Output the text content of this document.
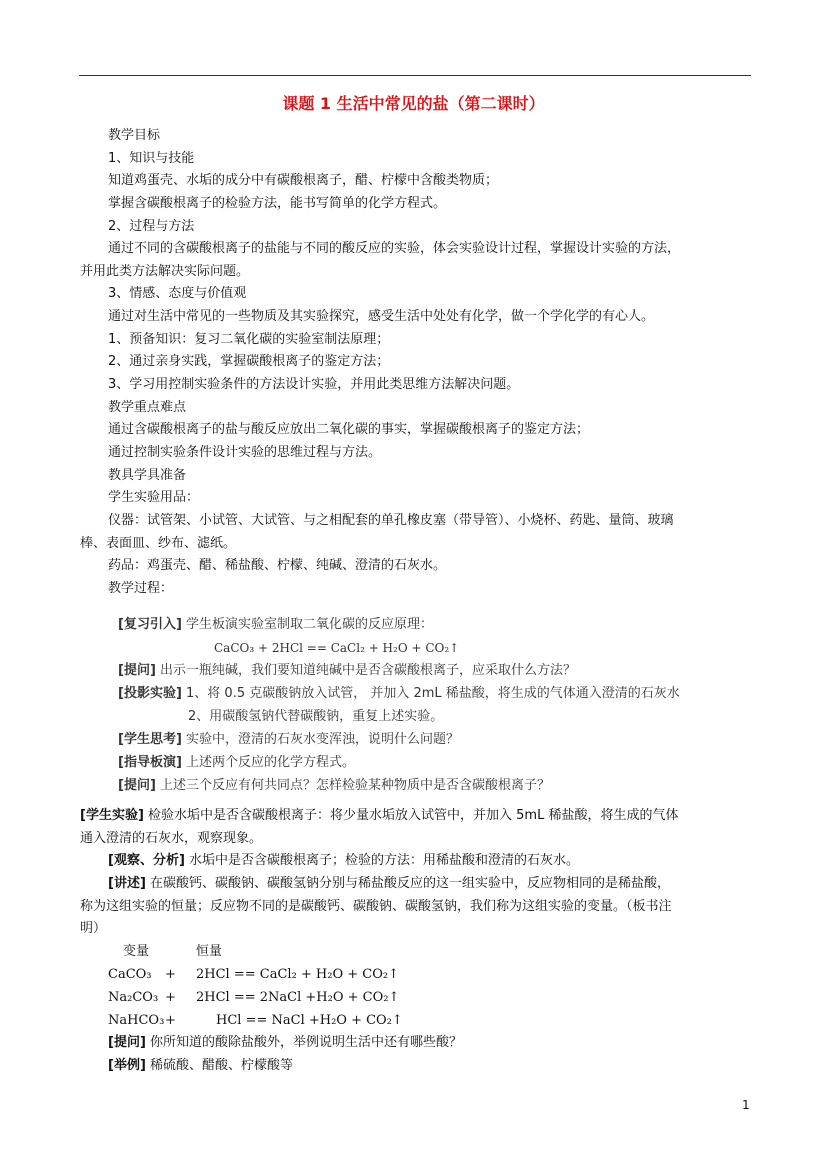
课题 1 生活中常见的盐（第二课时）
教学目标
1、知识与技能
知道鸡蛋壳、水垢的成分中有碳酸根离子，醋、柠檬中含酸类物质；
掌握含碳酸根离子的检验方法，能书写简单的化学方程式。
2、过程与方法
通过不同的含碳酸根离子的盐能与不同的酸反应的实验，体会实验设计过程，掌握设计实验的方法，
并用此类方法解决实际问题。
3、情感、态度与价值观
通过对生活中常见的一些物质及其实验探究，感受生活中处处有化学，做一个学化学的有心人。
1、预备知识：复习二氧化碳的实验室制法原理；
2、通过亲身实践，掌握碳酸根离子的鉴定方法；
3、学习用控制实验条件的方法设计实验，并用此类思维方法解决问题。
教学重点难点
通过含碳酸根离子的盐与酸反应放出二氧化碳的事实，掌握碳酸根离子的鉴定方法；
通过控制实验条件设计实验的思维过程与方法。
教具学具准备
学生实验用品：
仪器：试管架、小试管、大试管、与之相配套的单孔橡皮塞（带导管）、小烧杯、药匙、量筒、玻璃
棒、表面皿、纱布、滤纸。
药品：鸡蛋壳、醋、稀盐酸、柠檬、纯碱、澄清的石灰水。
教学过程：
[复习引入] 学生板演实验室制取二氧化碳的反应原理：
CaCO₃ + 2HCl == CaCl₂ + H₂O + CO₂↑
[提问] 出示一瓶纯碱，我们要知道纯碱中是否含碳酸根离子，应采取什么方法？
[投影实验] 1、将 0.5 克碳酸钠放入试管， 并加入 2mL 稀盐酸，将生成的气体通入澄清的石灰水
2、用碳酸氢钠代替碳酸钠，重复上述实验。
[学生思考] 实验中，澄清的石灰水变浑浊，说明什么问题？
[指导板演] 上述两个反应的化学方程式。
[提问] 上述三个反应有何共同点？怎样检验某种物质中是否含碳酸根离子？
[学生实验] 检验水垢中是否含碳酸根离子：将少量水垢放入试管中，并加入 5mL 稀盐酸，将生成的气体
通入澄清的石灰水，观察现象。
[观察、分析] 水垢中是否含碳酸根离子；检验的方法：用稀盐酸和澄清的石灰水。
[讲述] 在碳酸钙、碳酸钠、碳酸氢钠分别与稀盐酸反应的这一组实验中，反应物相同的是稀盐酸，
称为这组实验的恒量；反应物不同的是碳酸钙、碳酸钠、碳酸氢钠，我们称为这组实验的变量。（板书注
明）
变量	恒量
CaCO₃ + 2HCl == CaCl₂ + H₂O + CO₂↑
Na₂CO₃ + 2HCl == 2NaCl +H₂O + CO₂↑
NaHCO₃ +	HCl == NaCl +H₂O + CO₂↑
[提问] 你所知道的酸除盐酸外，举例说明生活中还有哪些酸？
[举例] 稀硫酸、醋酸、柠檬酸等
1
